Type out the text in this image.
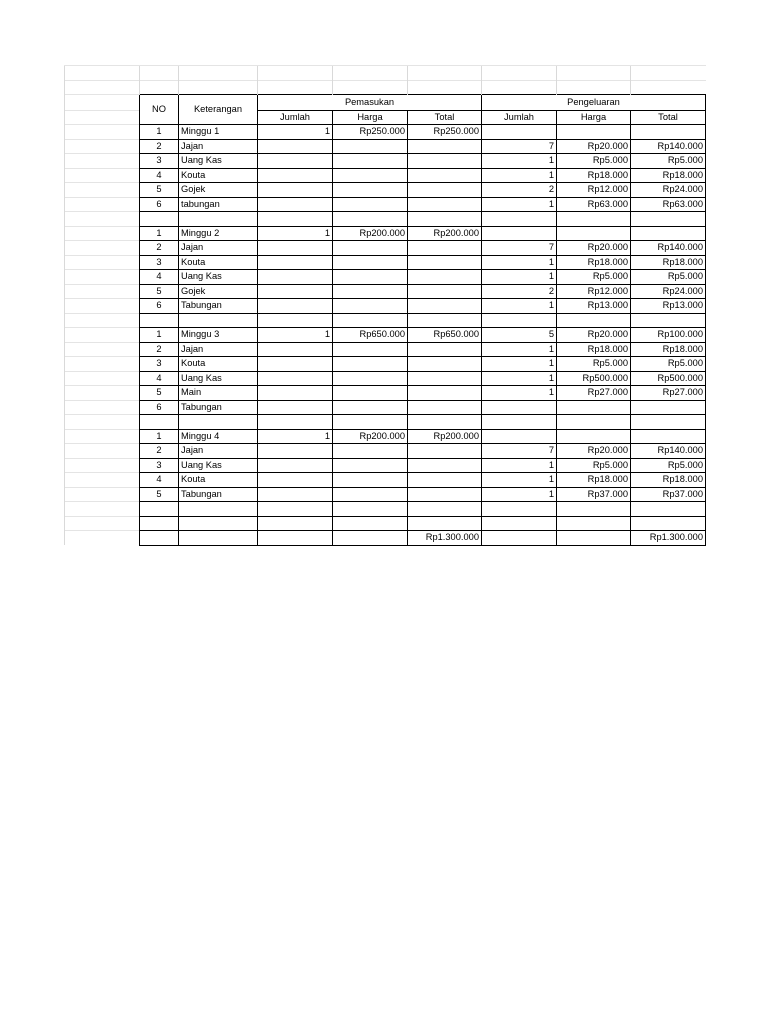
	NO	Keterangan	Pemasukan			Pengeluaran		
			Jumlah	Harga	Total	Jumlah	Harga	Total
	1	Minggu 1	1	Rp250.000	Rp250.000			
	2	Jajan				7	Rp20.000	Rp140.000
	3	Uang Kas				1	Rp5.000	Rp5.000
	4	Kouta				1	Rp18.000	Rp18.000
	5	Gojek				2	Rp12.000	Rp24.000
	6	tabungan				1	Rp63.000	Rp63.000

	1	Minggu 2	1	Rp200.000	Rp200.000			
	2	Jajan				7	Rp20.000	Rp140.000
	3	Kouta				1	Rp18.000	Rp18.000
	4	Uang Kas				1	Rp5.000	Rp5.000
	5	Gojek				2	Rp12.000	Rp24.000
	6	Tabungan				1	Rp13.000	Rp13.000

	1	Minggu 3	1	Rp650.000	Rp650.000	5	Rp20.000	Rp100.000
	2	Jajan				1	Rp18.000	Rp18.000
	3	Kouta				1	Rp5.000	Rp5.000
	4	Uang Kas				1	Rp500.000	Rp500.000
	5	Main				1	Rp27.000	Rp27.000
	6	Tabungan						

	1	Minggu 4	1	Rp200.000	Rp200.000			
	2	Jajan				7	Rp20.000	Rp140.000
	3	Uang Kas				1	Rp5.000	Rp5.000
	4	Kouta				1	Rp18.000	Rp18.000
	5	Tabungan				1	Rp37.000	Rp37.000

					Rp1.300.000			Rp1.300.000
